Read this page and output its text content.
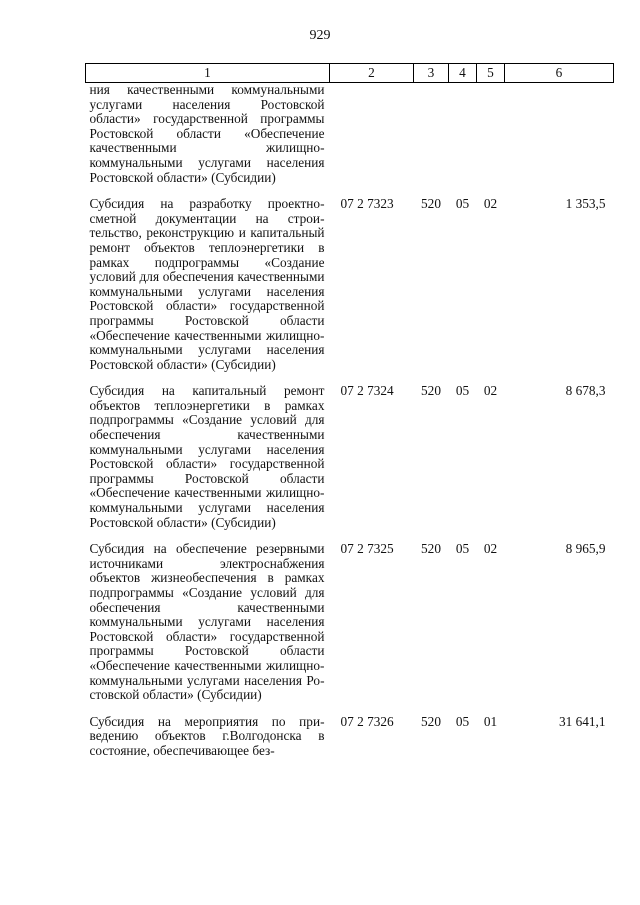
929
1	2	3	4	5	6
ния качественными коммунальными услугами населения Ростовской области» государственной программы Ростовской области «Обеспечение качественными жилищно-коммунальными услугами населения Ростовской области» (Субсидии)					
Субсидия на разработку проектно-сметной документации на строительство, реконструкцию и капитальный ремонт объектов теплоэнергетики в рамках подпрограммы «Создание условий для обеспечения качественными коммунальными услугами населения Ростовской области» государственной программы Ростовской области «Обеспечение качественными жилищно-коммунальными услугами населения Ростовской области» (Субсидии)	07 2 7323	520	05	02	1 353,5
Субсидия на капитальный ремонт объектов теплоэнергетики в рамках подпрограммы «Создание условий для обеспечения качественными коммунальными услугами населения Ростовской области» государственной программы Ростовской области «Обеспечение качественными жилищно-коммунальными услугами населения Ростовской области» (Субсидии)	07 2 7324	520	05	02	8 678,3
Субсидия на обеспечение резервными источниками электроснабжения объектов жизнеобеспечения в рамках подпрограммы «Создание условий для обеспечения качественными коммунальными услугами населения Ростовской области» государственной программы Ростовской области «Обеспечение качественными жилищно-коммунальными услугами населения Ростовской области» (Субсидии)	07 2 7325	520	05	02	8 965,9
Субсидия на мероприятия по приведению объектов г.Волгодонска в состояние, обеспечивающее без-	07 2 7326	520	05	01	31 641,1
